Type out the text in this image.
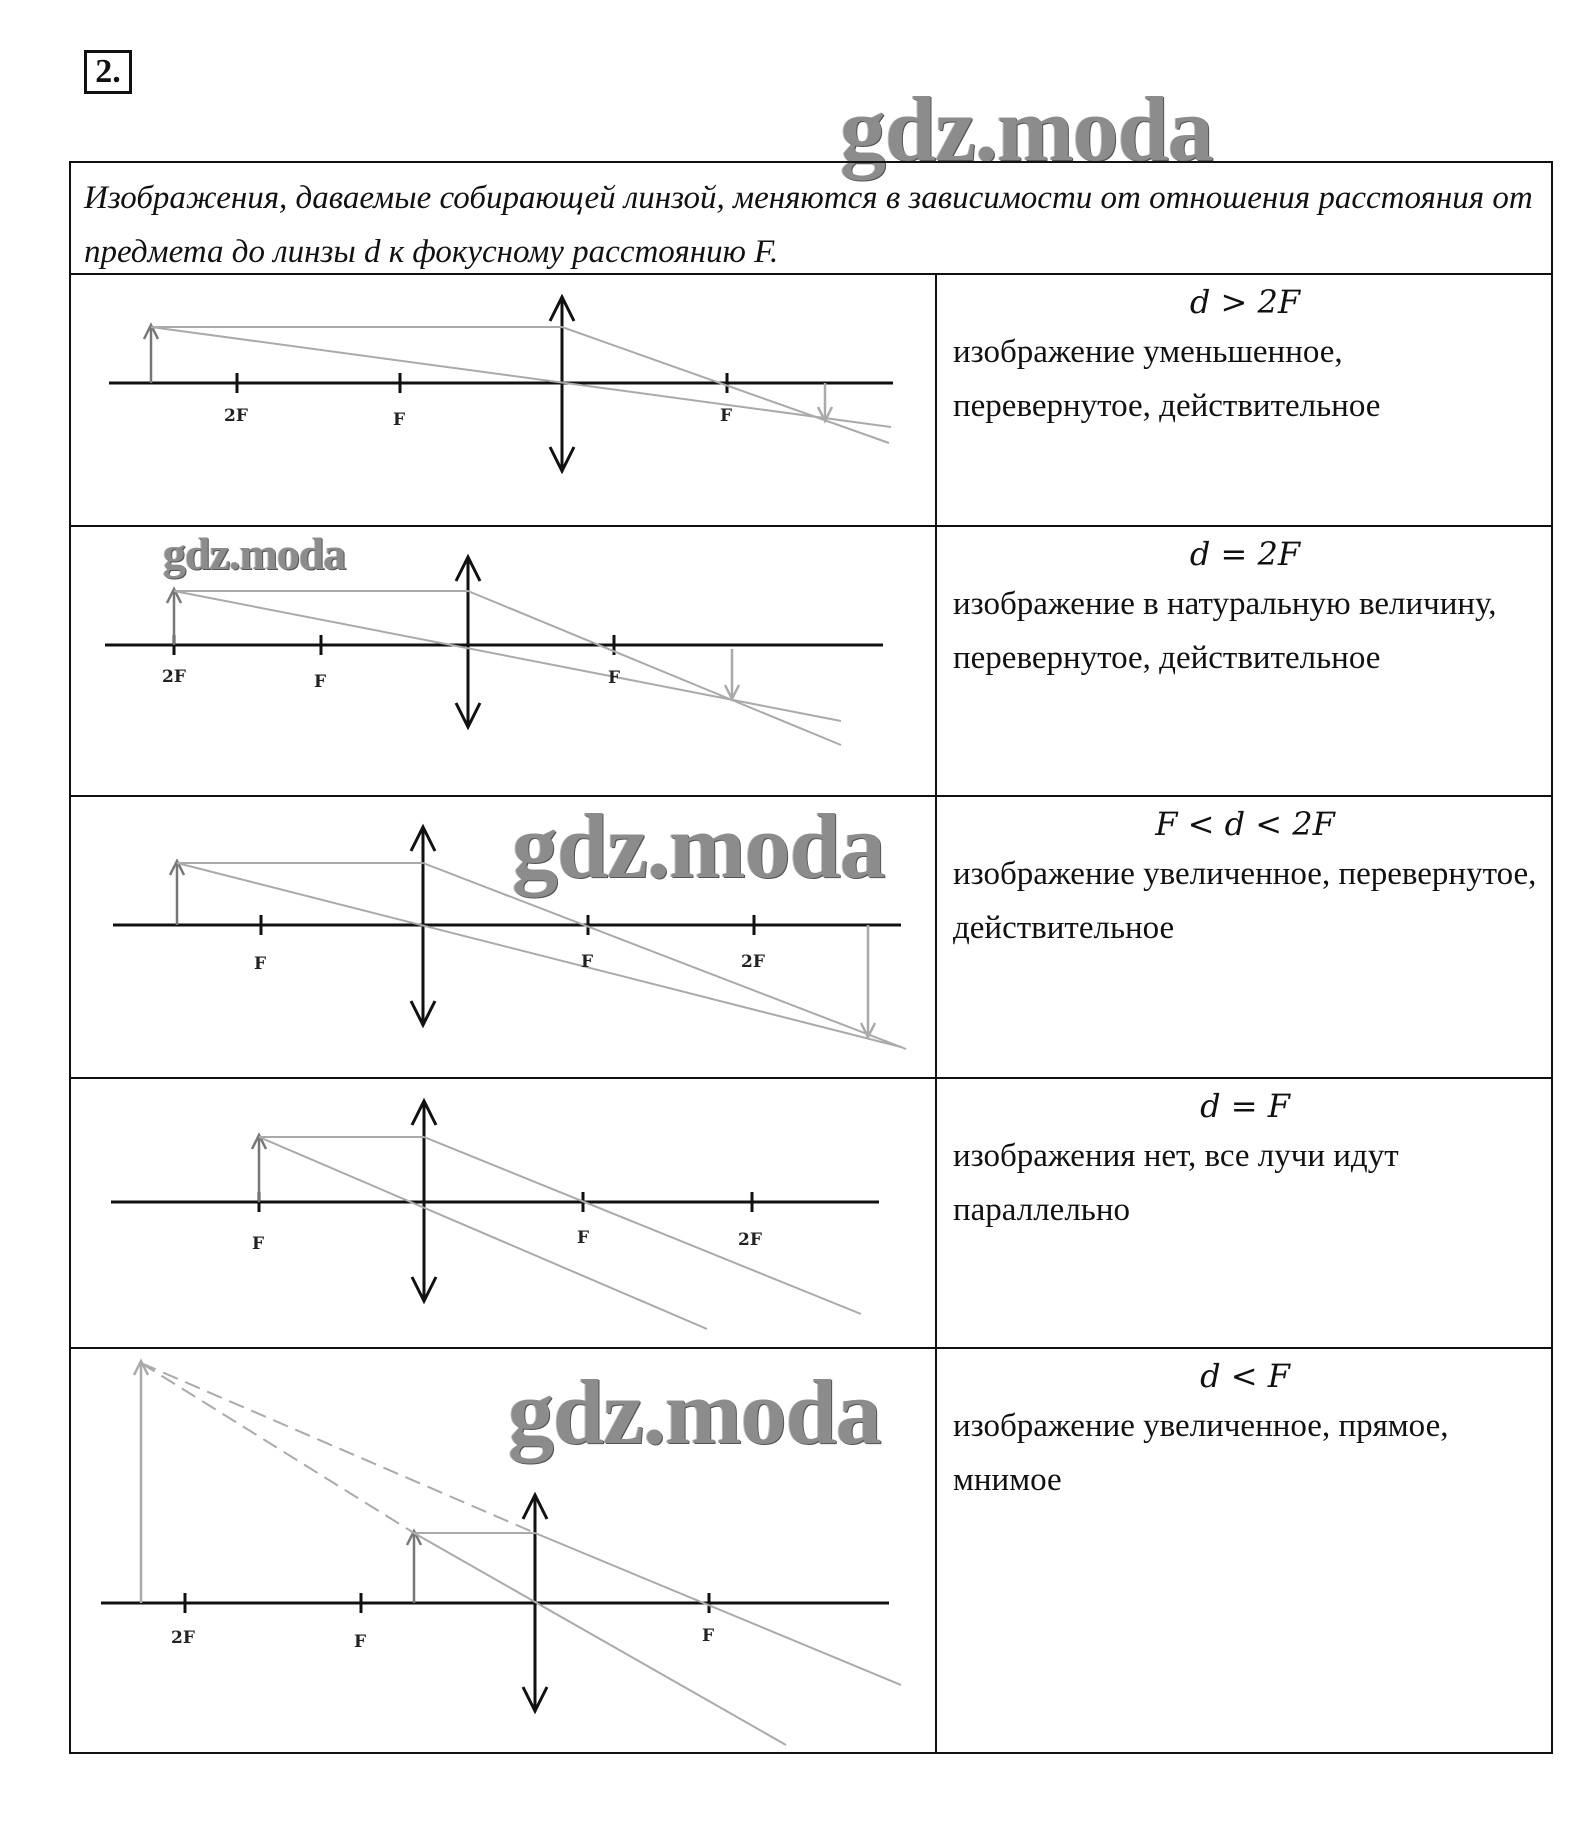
2.
gdz.moda
Изображения, даваемые собирающей линзой, меняются в зависимости от отношения расстояния от предмета до линзы d к фокусному расстоянию F.
2F	F	F
gdz.moda
d > 2F
изображение уменьшенное, перевернутое, действительное
2F	F	F
d = 2F
изображение в натуральную величину, перевернутое, действительное
F	F	2F
gdz.moda	F < d < 2F
изображение увеличенное, перевернутое, действительное
F	F	2F
d = F
изображения нет, все лучи идут параллельно
2F	F	F
gdz.moda	d < F
изображение увеличенное, прямое, мнимое
